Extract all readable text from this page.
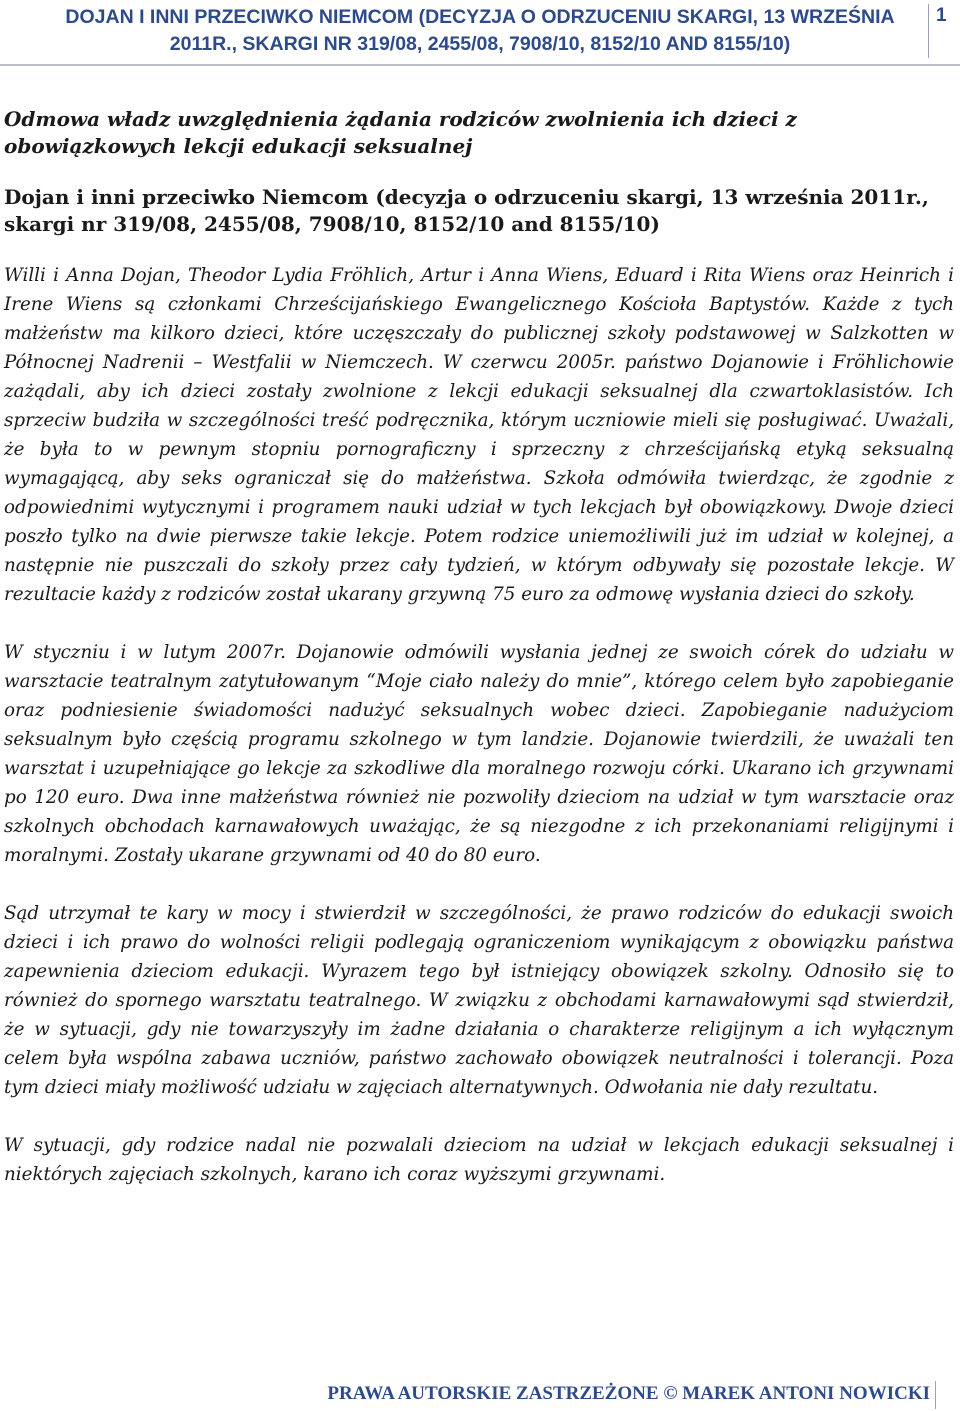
DOJAN I INNI PRZECIWKO NIEMCOM (DECYZJA O ODRZUCENIU SKARGI, 13 WRZEŚNIA
2011R., SKARGI NR 319/08, 2455/08, 7908/10, 8152/10 AND 8155/10)
1
Odmowa władz uwzględnienia żądania rodziców zwolnienia ich dzieci z obowiązkowych lekcji edukacji seksualnej
Dojan i inni przeciwko Niemcom (decyzja o odrzuceniu skargi, 13 września 2011r., skargi nr 319/08, 2455/08, 7908/10, 8152/10 and 8155/10)

Willi i Anna Dojan, Theodor Lydia Fröhlich, Artur i Anna Wiens, Eduard i Rita Wiens oraz Heinrich i Irene Wiens są członkami Chrześcijańskiego Ewangelicznego Kościoła Baptystów. Każde z tych małżeństw ma kilkoro dzieci, które uczęszczały do publicznej szkoły podstawowej w Salzkotten w Północnej Nadrenii – Westfalii w Niemczech. W czerwcu 2005r. państwo Dojanowie i Fröhlichowie zażądali, aby ich dzieci zostały zwolnione z lekcji edukacji seksualnej dla czwartoklasistów. Ich sprzeciw budziła w szczególności treść podręcznika, którym uczniowie mieli się posługiwać. Uważali, że była to w pewnym stopniu pornograficzny i sprzeczny z chrześcijańską etyką seksualną wymagającą, aby seks ograniczał się do małżeństwa. Szkoła odmówiła twierdząc, że zgodnie z odpowiednimi wytycznymi i programem nauki udział w tych lekcjach był obowiązkowy. Dwoje dzieci poszło tylko na dwie pierwsze takie lekcje. Potem rodzice uniemożliwili już im udział w kolejnej, a następnie nie puszczali do szkoły przez cały tydzień, w którym odbywały się pozostałe lekcje. W rezultacie każdy z rodziców został ukarany grzywną 75 euro za odmowę wysłania dzieci do szkoły.

W styczniu i w lutym 2007r. Dojanowie odmówili wysłania jednej ze swoich córek do udziału w warsztacie teatralnym zatytułowanym “Moje ciało należy do mnie”, którego celem było zapobieganie oraz podniesienie świadomości nadużyć seksualnych wobec dzieci. Zapobieganie nadużyciom seksualnym było częścią programu szkolnego w tym landzie. Dojanowie twierdzili, że uważali ten warsztat i uzupełniające go lekcje za szkodliwe dla moralnego rozwoju córki. Ukarano ich grzywnami po 120 euro. Dwa inne małżeństwa również nie pozwoliły dzieciom na udział w tym warsztacie oraz szkolnych obchodach karnawałowych uważając, że są niezgodne z ich przekonaniami religijnymi i moralnymi. Zostały ukarane grzywnami od 40 do 80 euro.

Sąd utrzymał te kary w mocy i stwierdził w szczególności, że prawo rodziców do edukacji swoich dzieci i ich prawo do wolności religii podlegają ograniczeniom wynikającym z obowiązku państwa zapewnienia dzieciom edukacji. Wyrazem tego był istniejący obowiązek szkolny. Odnosiło się to również do spornego warsztatu teatralnego. W związku z obchodami karnawałowymi sąd stwierdził, że w sytuacji, gdy nie towarzyszyły im żadne działania o charakterze religijnym a ich wyłącznym celem była wspólna zabawa uczniów, państwo zachowało obowiązek neutralności i tolerancji. Poza tym dzieci miały możliwość udziału w zajęciach alternatywnych. Odwołania nie dały rezultatu.

W sytuacji, gdy rodzice nadal nie pozwalali dzieciom na udział w lekcjach edukacji seksualnej i niektórych zajęciach szkolnych, karano ich coraz wyższymi grzywnami.

PRAWA AUTORSKIE ZASTRZEŻONE © MAREK ANTONI NOWICKI
